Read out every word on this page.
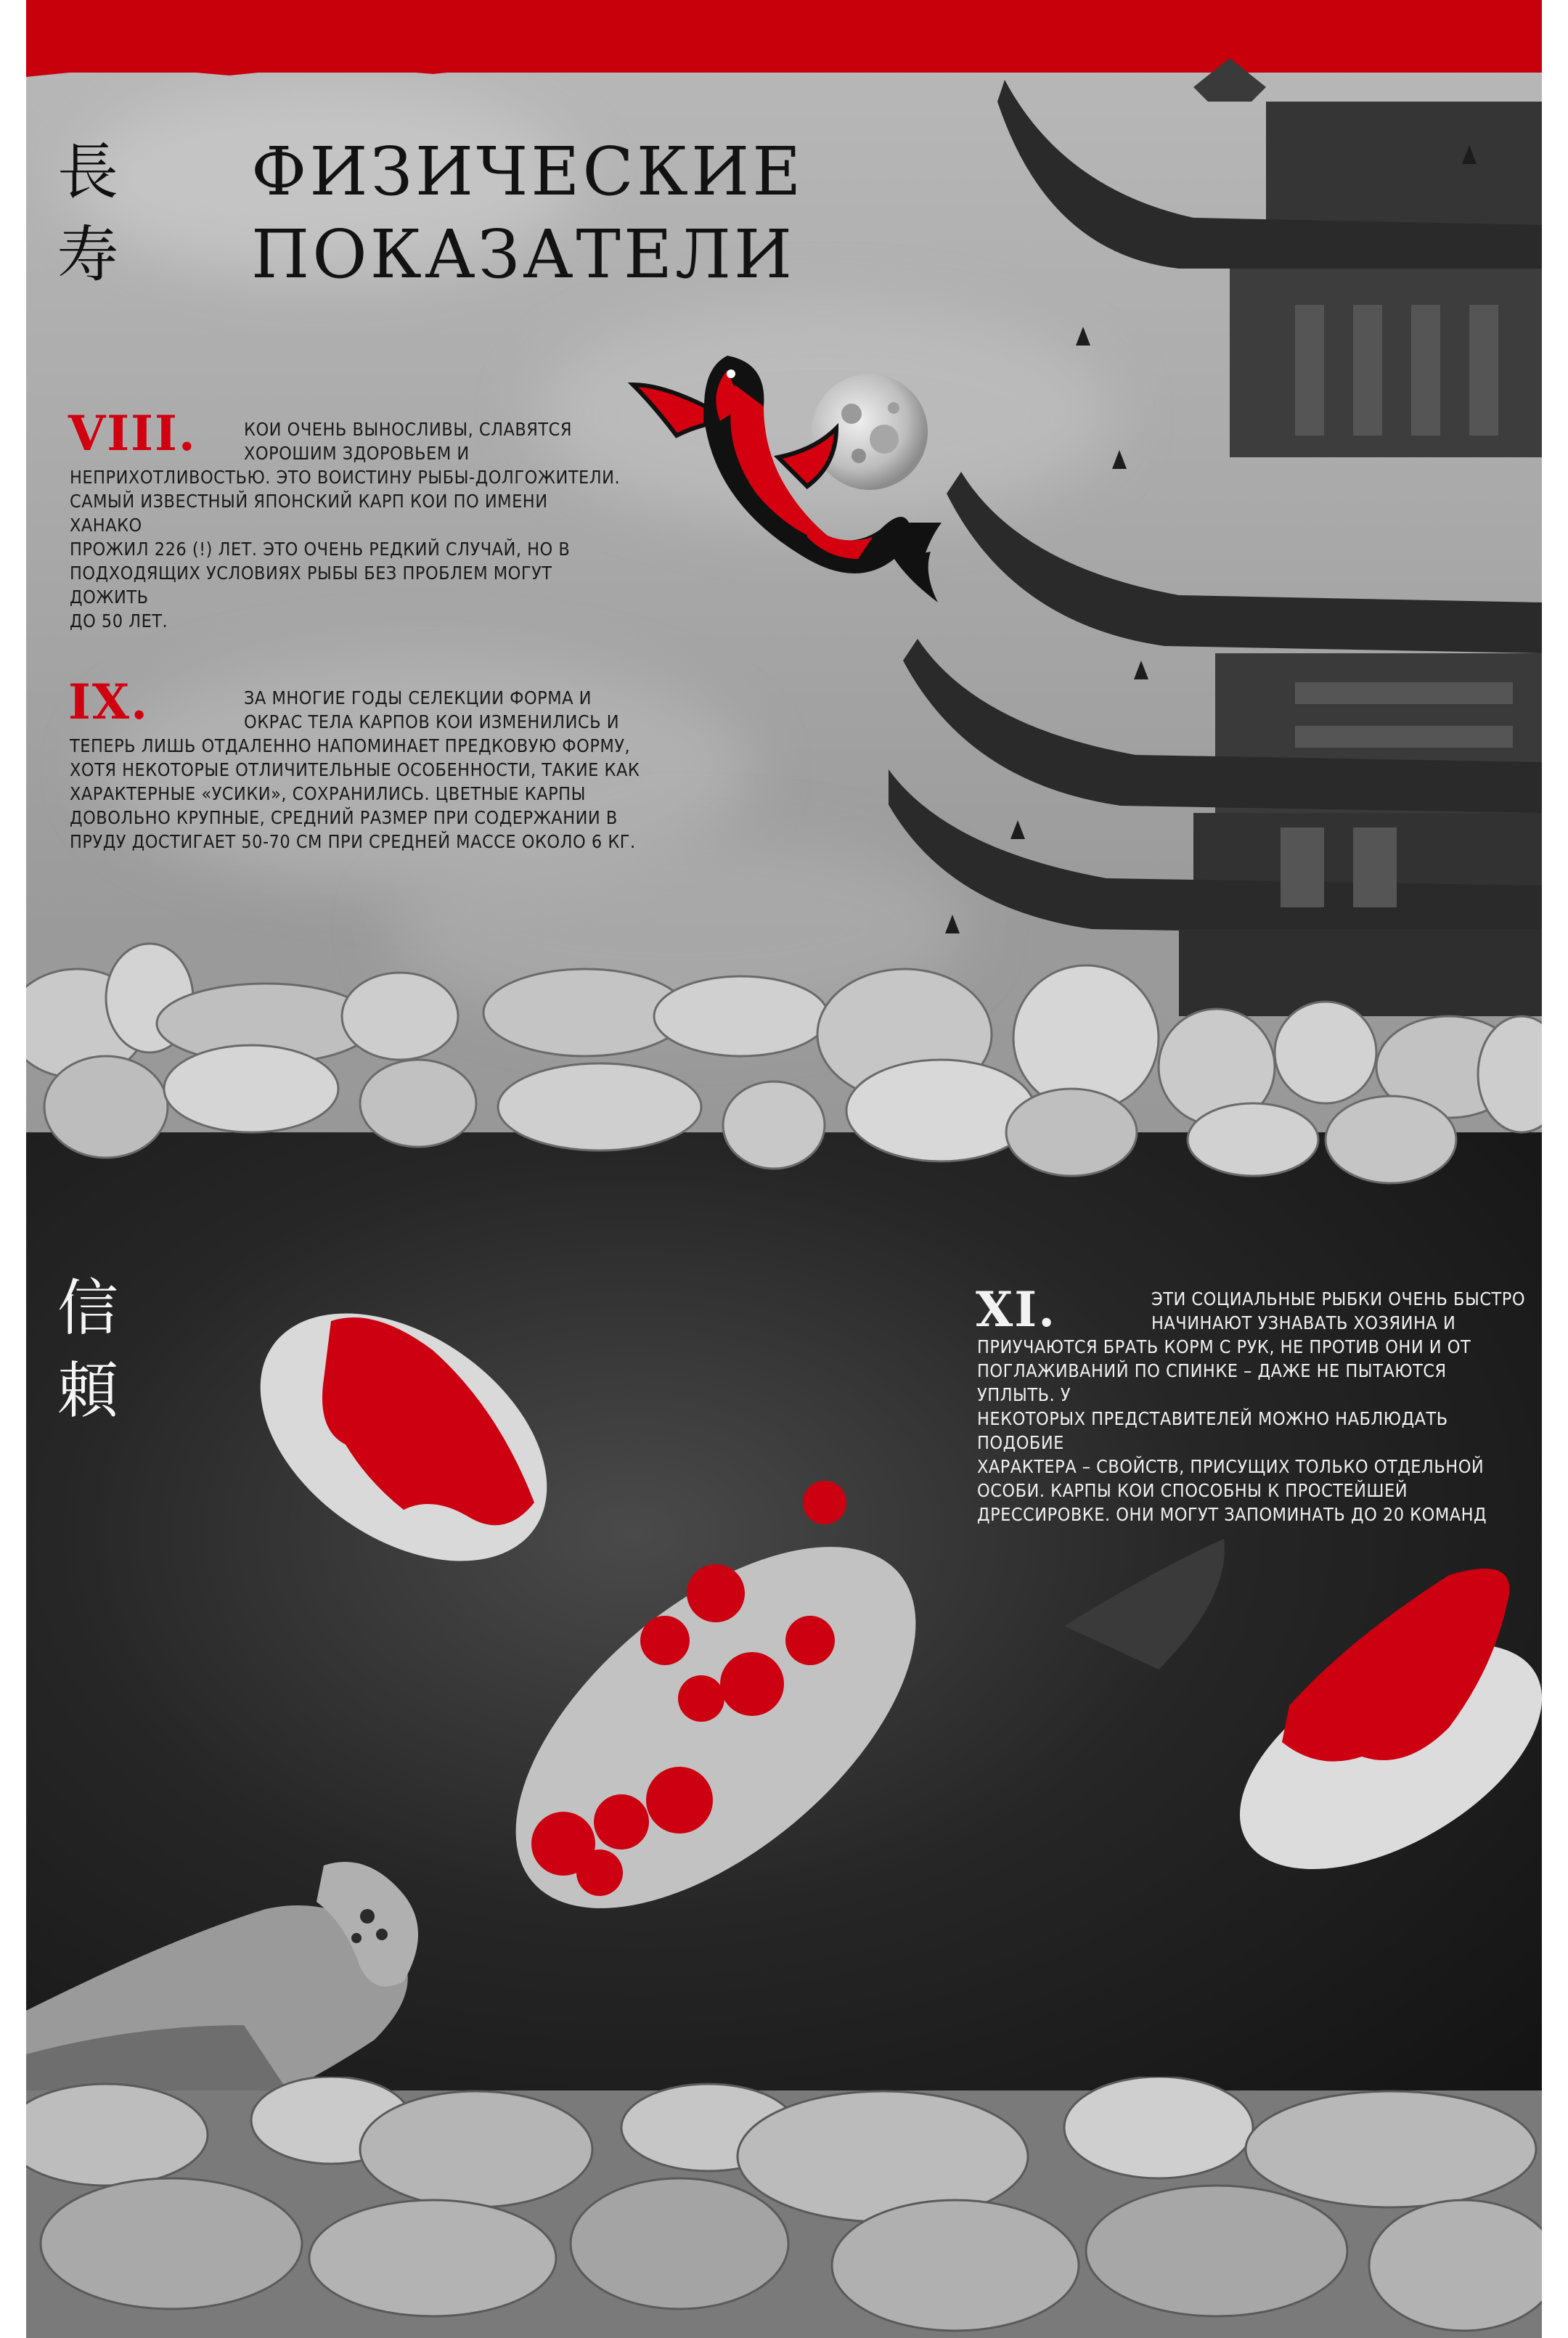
長
寿
ФИЗИЧЕСКИЕ
ПОКАЗАТЕЛИ
VIII.	КОИ ОЧЕНЬ ВЫНОСЛИВЫ, СЛАВЯТСЯ
ХОРОШИМ ЗДОРОВЬЕМ И
НЕПРИХОТЛИВОСТЬЮ. ЭТО ВОИСТИНУ РЫБЫ-ДОЛГОЖИТЕЛИ.
САМЫЙ ИЗВЕСТНЫЙ ЯПОНСКИЙ КАРП КОИ ПО ИМЕНИ ХАНАКО
ПРОЖИЛ 226 (!) ЛЕТ. ЭТО ОЧЕНЬ РЕДКИЙ СЛУЧАЙ, НО В
ПОДХОДЯЩИХ УСЛОВИЯХ РЫБЫ БЕЗ ПРОБЛЕМ МОГУТ ДОЖИТЬ
ДО 50 ЛЕТ.

IX.	ЗА МНОГИЕ ГОДЫ СЕЛЕКЦИИ ФОРМА И
ОКРАС ТЕЛА КАРПОВ КОИ ИЗМЕНИЛИСЬ И
ТЕПЕРЬ ЛИШЬ ОТДАЛЕННО НАПОМИНАЕТ ПРЕДКОВУЮ ФОРМУ,
ХОТЯ НЕКОТОРЫЕ ОТЛИЧИТЕЛЬНЫЕ ОСОБЕННОСТИ, ТАКИЕ КАК
ХАРАКТЕРНЫЕ «УСИКИ», СОХРАНИЛИСЬ. ЦВЕТНЫЕ КАРПЫ
ДОВОЛЬНО КРУПНЫЕ, СРЕДНИЙ РАЗМЕР ПРИ СОДЕРЖАНИИ В
ПРУДУ ДОСТИГАЕТ 50-70 СМ ПРИ СРЕДНЕЙ МАССЕ ОКОЛО 6 КГ.

信
頼
XI.	ЭТИ СОЦИАЛЬНЫЕ РЫБКИ ОЧЕНЬ БЫСТРО
НАЧИНАЮТ УЗНАВАТЬ ХОЗЯИНА И
ПРИУЧАЮТСЯ БРАТЬ КОРМ С РУК, НЕ ПРОТИВ ОНИ И ОТ
ПОГЛАЖИВАНИЙ ПО СПИНКЕ – ДАЖЕ НЕ ПЫТАЮТСЯ УПЛЫТЬ. У
НЕКОТОРЫХ ПРЕДСТАВИТЕЛЕЙ МОЖНО НАБЛЮДАТЬ ПОДОБИЕ
ХАРАКТЕРА – СВОЙСТВ, ПРИСУЩИХ ТОЛЬКО ОТДЕЛЬНОЙ
ОСОБИ. КАРПЫ КОИ СПОСОБНЫ К ПРОСТЕЙШЕЙ
ДРЕССИРОВКЕ. ОНИ МОГУТ ЗАПОМИНАТЬ ДО 20 КОМАНД
